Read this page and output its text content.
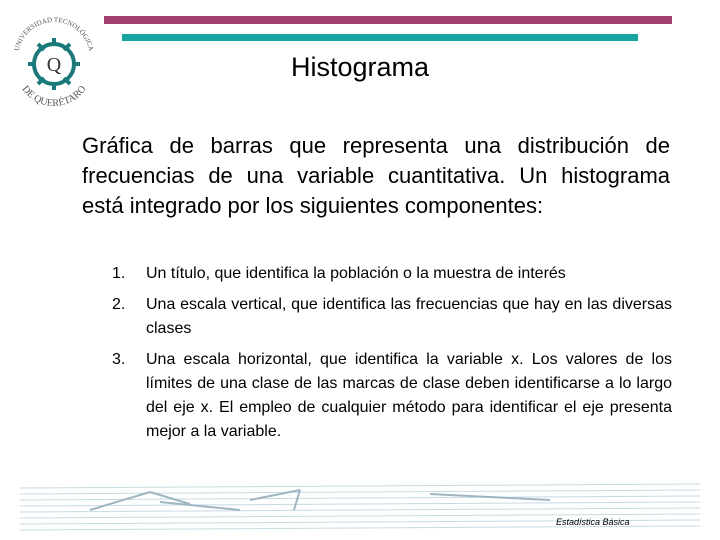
UNIVERSIDAD TECNOLÓGICA
DE QUERÉTARO
Q	Histograma
Gráfica de barras que representa una distribución de frecuencias de una variable cuantitativa. Un histograma está integrado por los siguientes componentes:
1. Un título, que identifica la población o la muestra de interés
2. Una escala vertical, que identifica las frecuencias que hay en las diversas clases
3. Una escala horizontal, que identifica la variable x. Los valores de los límites de una clase de las marcas de clase deben identificarse a lo largo del eje x. El empleo de cualquier método para identificar el eje presenta mejor a la variable.
Estadística Básica
